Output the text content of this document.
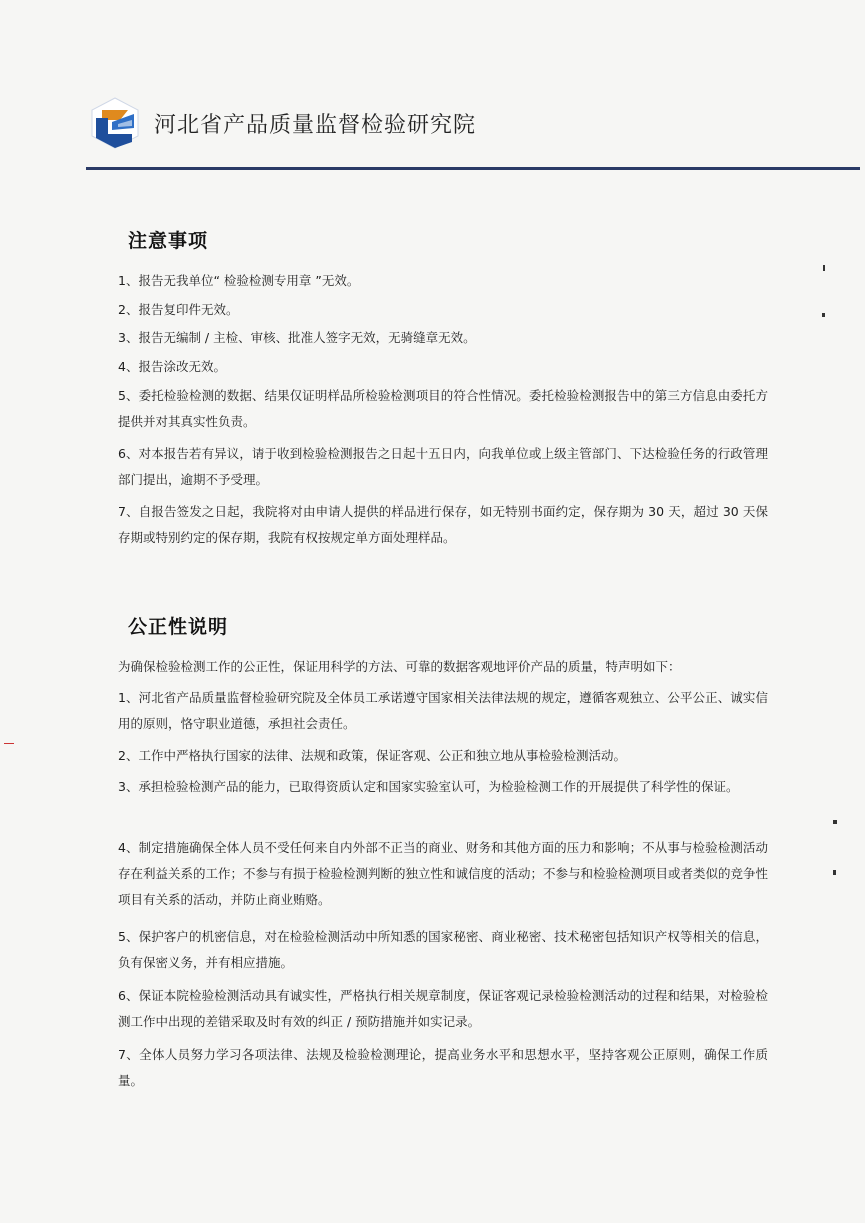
河北省产品质量监督检验研究院
注意事项

1、报告无我单位“ 检验检测专用章 ”无效。

2、报告复印件无效。

3、报告无编制 / 主检、审核、批准人签字无效，无骑缝章无效。

4、报告涂改无效。

5、委托检验检测的数据、结果仅证明样品所检验检测项目的符合性情况。委托检验检测报告中的第三方信息由委托方提供并对其真实性负责。

6、对本报告若有异议，请于收到检验检测报告之日起十五日内，向我单位或上级主管部门、下达检验任务的行政管理部门提出，逾期不予受理。

7、自报告签发之日起，我院将对由申请人提供的样品进行保存，如无特别书面约定，保存期为 30 天，超过 30 天保存期或特别约定的保存期，我院有权按规定单方面处理样品。

公正性说明

为确保检验检测工作的公正性，保证用科学的方法、可靠的数据客观地评价产品的质量，特声明如下：

1、河北省产品质量监督检验研究院及全体员工承诺遵守国家相关法律法规的规定，遵循客观独立、公平公正、诚实信用的原则，恪守职业道德，承担社会责任。

2、工作中严格执行国家的法律、法规和政策，保证客观、公正和独立地从事检验检测活动。

3、承担检验检测产品的能力，已取得资质认定和国家实验室认可，为检验检测工作的开展提供了科学性的保证。

4、制定措施确保全体人员不受任何来自内外部不正当的商业、财务和其他方面的压力和影响；不从事与检验检测活动存在利益关系的工作；不参与有损于检验检测判断的独立性和诚信度的活动；不参与和检验检测项目或者类似的竞争性项目有关系的活动，并防止商业贿赂。

5、保护客户的机密信息，对在检验检测活动中所知悉的国家秘密、商业秘密、技术秘密包括知识产权等相关的信息，负有保密义务，并有相应措施。

6、保证本院检验检测活动具有诚实性，严格执行相关规章制度，保证客观记录检验检测活动的过程和结果，对检验检测工作中出现的差错采取及时有效的纠正 / 预防措施并如实记录。

7、全体人员努力学习各项法律、法规及检验检测理论，提高业务水平和思想水平，坚持客观公正原则，确保工作质量。
